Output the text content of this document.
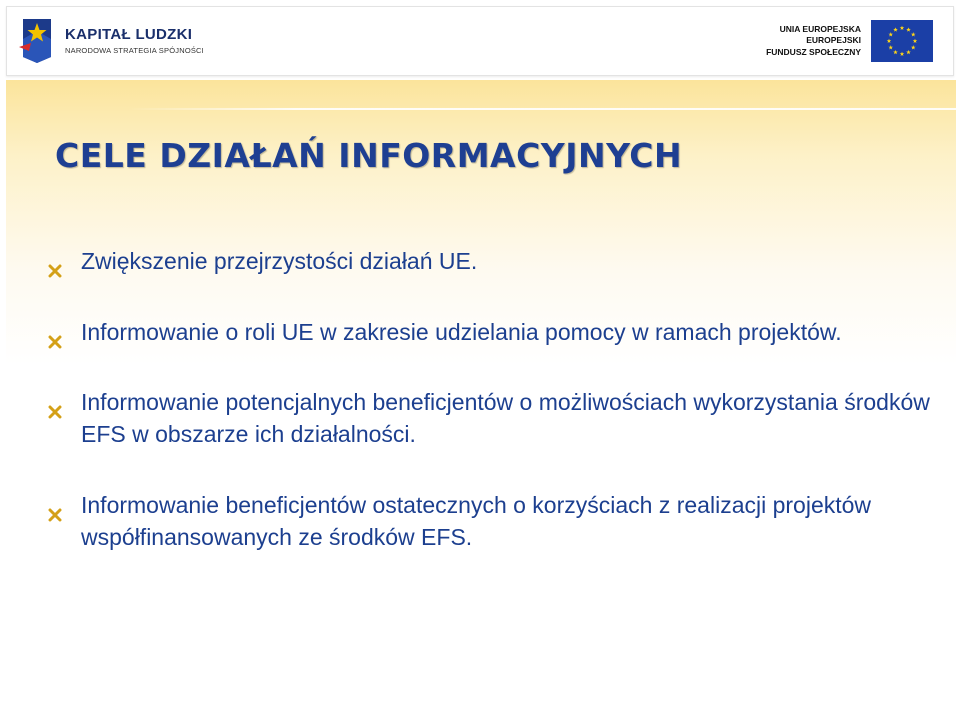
KAPITAŁ LUDZKI
NARODOWA STRATEGIA SPÓJNOŚCI
UNIA EUROPEJSKA
EUROPEJSKI
FUNDUSZ SPOŁECZNY
CELE DZIAŁAŃ INFORMACYJNYCH
Zwiększenie przejrzystości działań UE.
Informowanie o roli UE w zakresie udzielania pomocy w ramach projektów.
Informowanie potencjalnych beneficjentów o możliwościach wykorzystania środków EFS w obszarze ich działalności.
Informowanie beneficjentów ostatecznych o korzyściach z realizacji projektów współfinansowanych ze środków EFS.
